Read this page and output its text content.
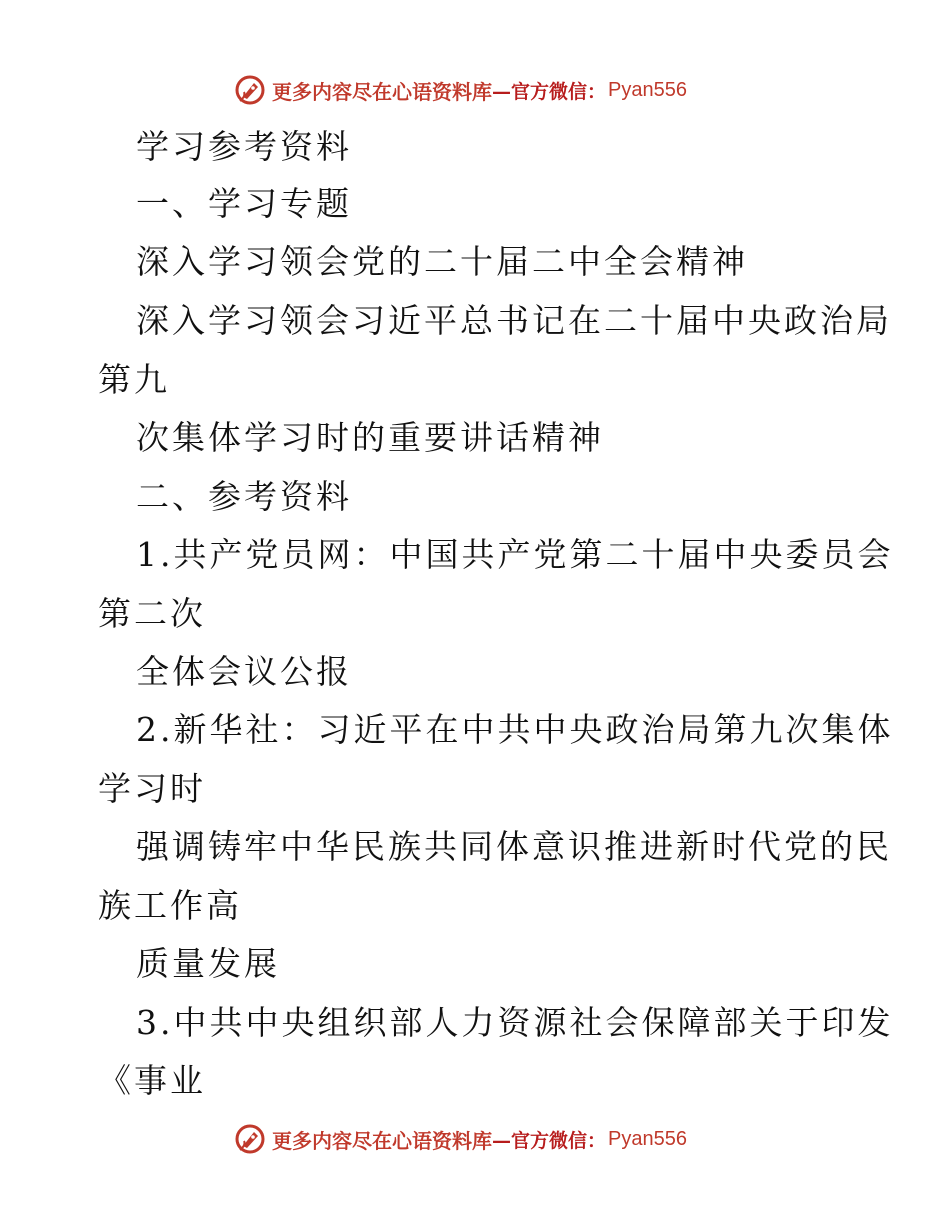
更多内容尽在心语资料库 —官方微信： Pyan556
学习参考资料
一、学习专题
深入学习领会党的二十届二中全会精神
深入学习领会习近平总书记在二十届中央政治局
第九
次集体学习时的重要讲话精神
二、参考资料
1.共产党员网：中国共产党第二十届中央委员会
第二次
全体会议公报
2.新华社：习近平在中共中央政治局第九次集体
学习时
强调铸牢中华民族共同体意识推进新时代党的民
族工作高
质量发展
3.中共中央组织部人力资源社会保障部关于印发
《事业
更多内容尽在心语资料库 —官方微信： Pyan556
